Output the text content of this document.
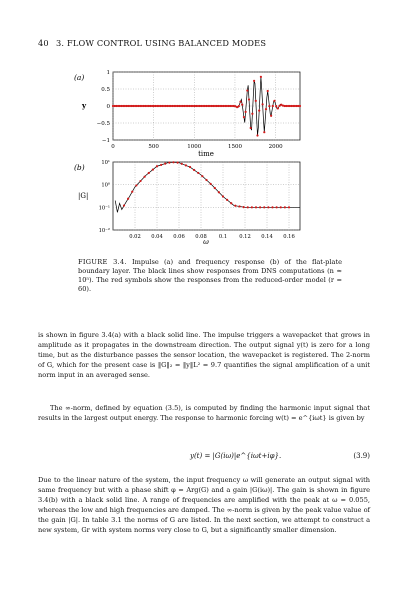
40 3. FLOW CONTROL USING BALANCED MODES
0	500	1000	1500	2000
1
0.5
0
−0.5
−1
(a)
y
time
0.02 0.04 0.06 0.08 0.1 0.12 0.14 0.16
10¹
10⁰
10⁻¹
10⁻²
(b)
|G|
ω
FIGURE 3.4. Impulse (a) and frequency response (b) of the flat-plate boundary layer. The black lines show responses from DNS computations (n ≈ 10⁵). The red symbols show the responses from the reduced-order model (r = 60).

is shown in figure 3.4(a) with a black solid line. The impulse triggers a wavepacket that grows in amplitude as it propagates in the downstream direction. The output signal y(t) is zero for a long time, but as the disturbance passes the sensor location, the wavepacket is registered. The 2-norm of G, which for the present case is ‖G‖₂ = ‖y‖L² = 9.7 quantifies the signal amplification of a unit norm input in an averaged sense.

The ∞-norm, defined by equation (3.5), is computed by finding the harmonic input signal that results in the largest output energy. The response to harmonic forcing w(t) = e^{iωt} is given by

y(t) = |G(iω)|e^{iωt+iφ}.	(3.9)

Due to the linear nature of the system, the input frequency ω will generate an output signal with same frequency but with a phase shift φ = Arg(G) and a gain |G(iω)|. The gain is shown in figure 3.4(b) with a black solid line. A range of frequencies are amplified with the peak at ω = 0.055, whereas the low and high frequencies are damped. The ∞-norm is given by the peak value value of the gain |G|. In table 3.1 the norms of G are listed. In the next section, we attempt to construct a new system, Gr with system norms very close to G, but a significantly smaller dimension.
